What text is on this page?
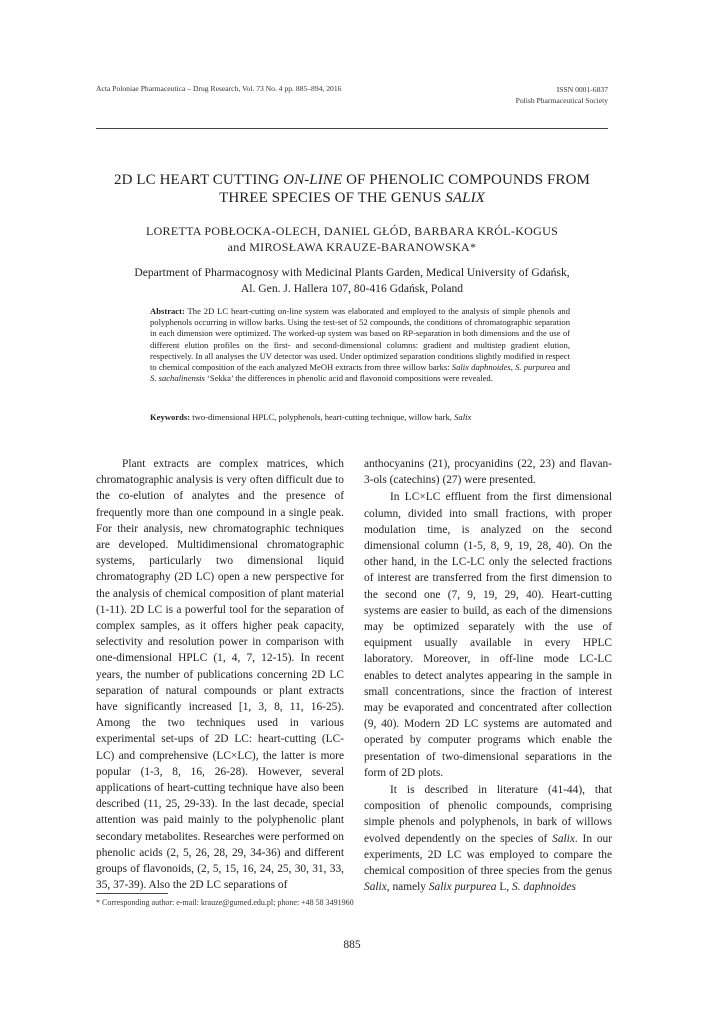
Acta Poloniae Pharmaceutica – Drug Research, Vol. 73 No. 4 pp. 885–894, 2016	ISSN 0001-6837
Polish Pharmaceutical Society
2D LC HEART CUTTING ON-LINE OF PHENOLIC COMPOUNDS FROM
THREE SPECIES OF THE GENUS SALIX
LORETTA POBŁOCKA-OLECH, DANIEL GŁÓD, BARBARA KRÓL-KOGUS
and MIROSŁAWA KRAUZE-BARANOWSKA*
Department of Pharmacognosy with Medicinal Plants Garden, Medical University of Gdańsk,
Al. Gen. J. Hallera 107, 80-416 Gdańsk, Poland
Abstract: The 2D LC heart-cutting on-line system was elaborated and employed to the analysis of simple phenols and polyphenols occurring in willow barks. Using the test-set of 52 compounds, the conditions of chromatographic separation in each dimension were optimized. The worked-up system was based on RP-separation in both dimensions and the use of different elution profiles on the first- and second-dimensional columns: gradient and multistep gradient elution, respectively. In all analyses the UV detector was used. Under optimized separation conditions slightly modified in respect to chemical composition of the each analyzed MeOH extracts from three willow barks: Salix daphnoides, S. purpurea and S. sachalinensis ‘Sekka’ the differences in phenolic acid and flavonoid compositions were revealed.
Keywords: two-dimensional HPLC, polyphenols, heart-cutting technique, willow bark, Salix

Plant extracts are complex matrices, which chromatographic analysis is very often difficult due to the co-elution of analytes and the presence of frequently more than one compound in a single peak. For their analysis, new chromatographic techniques are developed. Multidimensional chromatographic systems, particularly two dimensional liquid chromatography (2D LC) open a new perspective for the analysis of chemical composition of plant material (1-11). 2D LC is a powerful tool for the separation of complex samples, as it offers higher peak capacity, selectivity and resolution power in comparison with one-dimensional HPLC (1, 4, 7, 12-15). In recent years, the number of publications concerning 2D LC separation of natural compounds or plant extracts have significantly increased [1, 3, 8, 11, 16-25). Among the two techniques used in various experimental set-ups of 2D LC: heart-cutting (LC-LC) and comprehensive (LC×LC), the latter is more popular (1-3, 8, 16, 26-28). However, several applications of heart-cutting technique have also been described (11, 25, 29-33). In the last decade, special attention was paid mainly to the polyphenolic plant secondary metabolites. Researches were performed on phenolic acids (2, 5, 26, 28, 29, 34-36) and different groups of flavonoids, (2, 5, 15, 16, 24, 25, 30, 31, 33, 35, 37-39). Also the 2D LC separations of

anthocyanins (21), procyanidins (22, 23) and flavan-3-ols (catechins) (27) were presented.

In LC×LC effluent from the first dimensional column, divided into small fractions, with proper modulation time, is analyzed on the second dimensional column (1-5, 8, 9, 19, 28, 40). On the other hand, in the LC-LC only the selected fractions of interest are transferred from the first dimension to the second one (7, 9, 19, 29, 40). Heart-cutting systems are easier to build, as each of the dimensions may be optimized separately with the use of equipment usually available in every HPLC laboratory. Moreover, in off-line mode LC-LC enables to detect analytes appearing in the sample in small concentrations, since the fraction of interest may be evaporated and concentrated after collection (9, 40). Modern 2D LC systems are automated and operated by computer programs which enable the presentation of two-dimensional separations in the form of 2D plots.

It is described in literature (41-44), that composition of phenolic compounds, comprising simple phenols and polyphenols, in bark of willows evolved dependently on the species of Salix. In our experiments, 2D LC was employed to compare the chemical composition of three species from the genus Salix, namely Salix purpurea L, S. daphnoides

* Corresponding author: e-mail: krauze@gumed.edu.pl; phone: +48 58 3491960
885
